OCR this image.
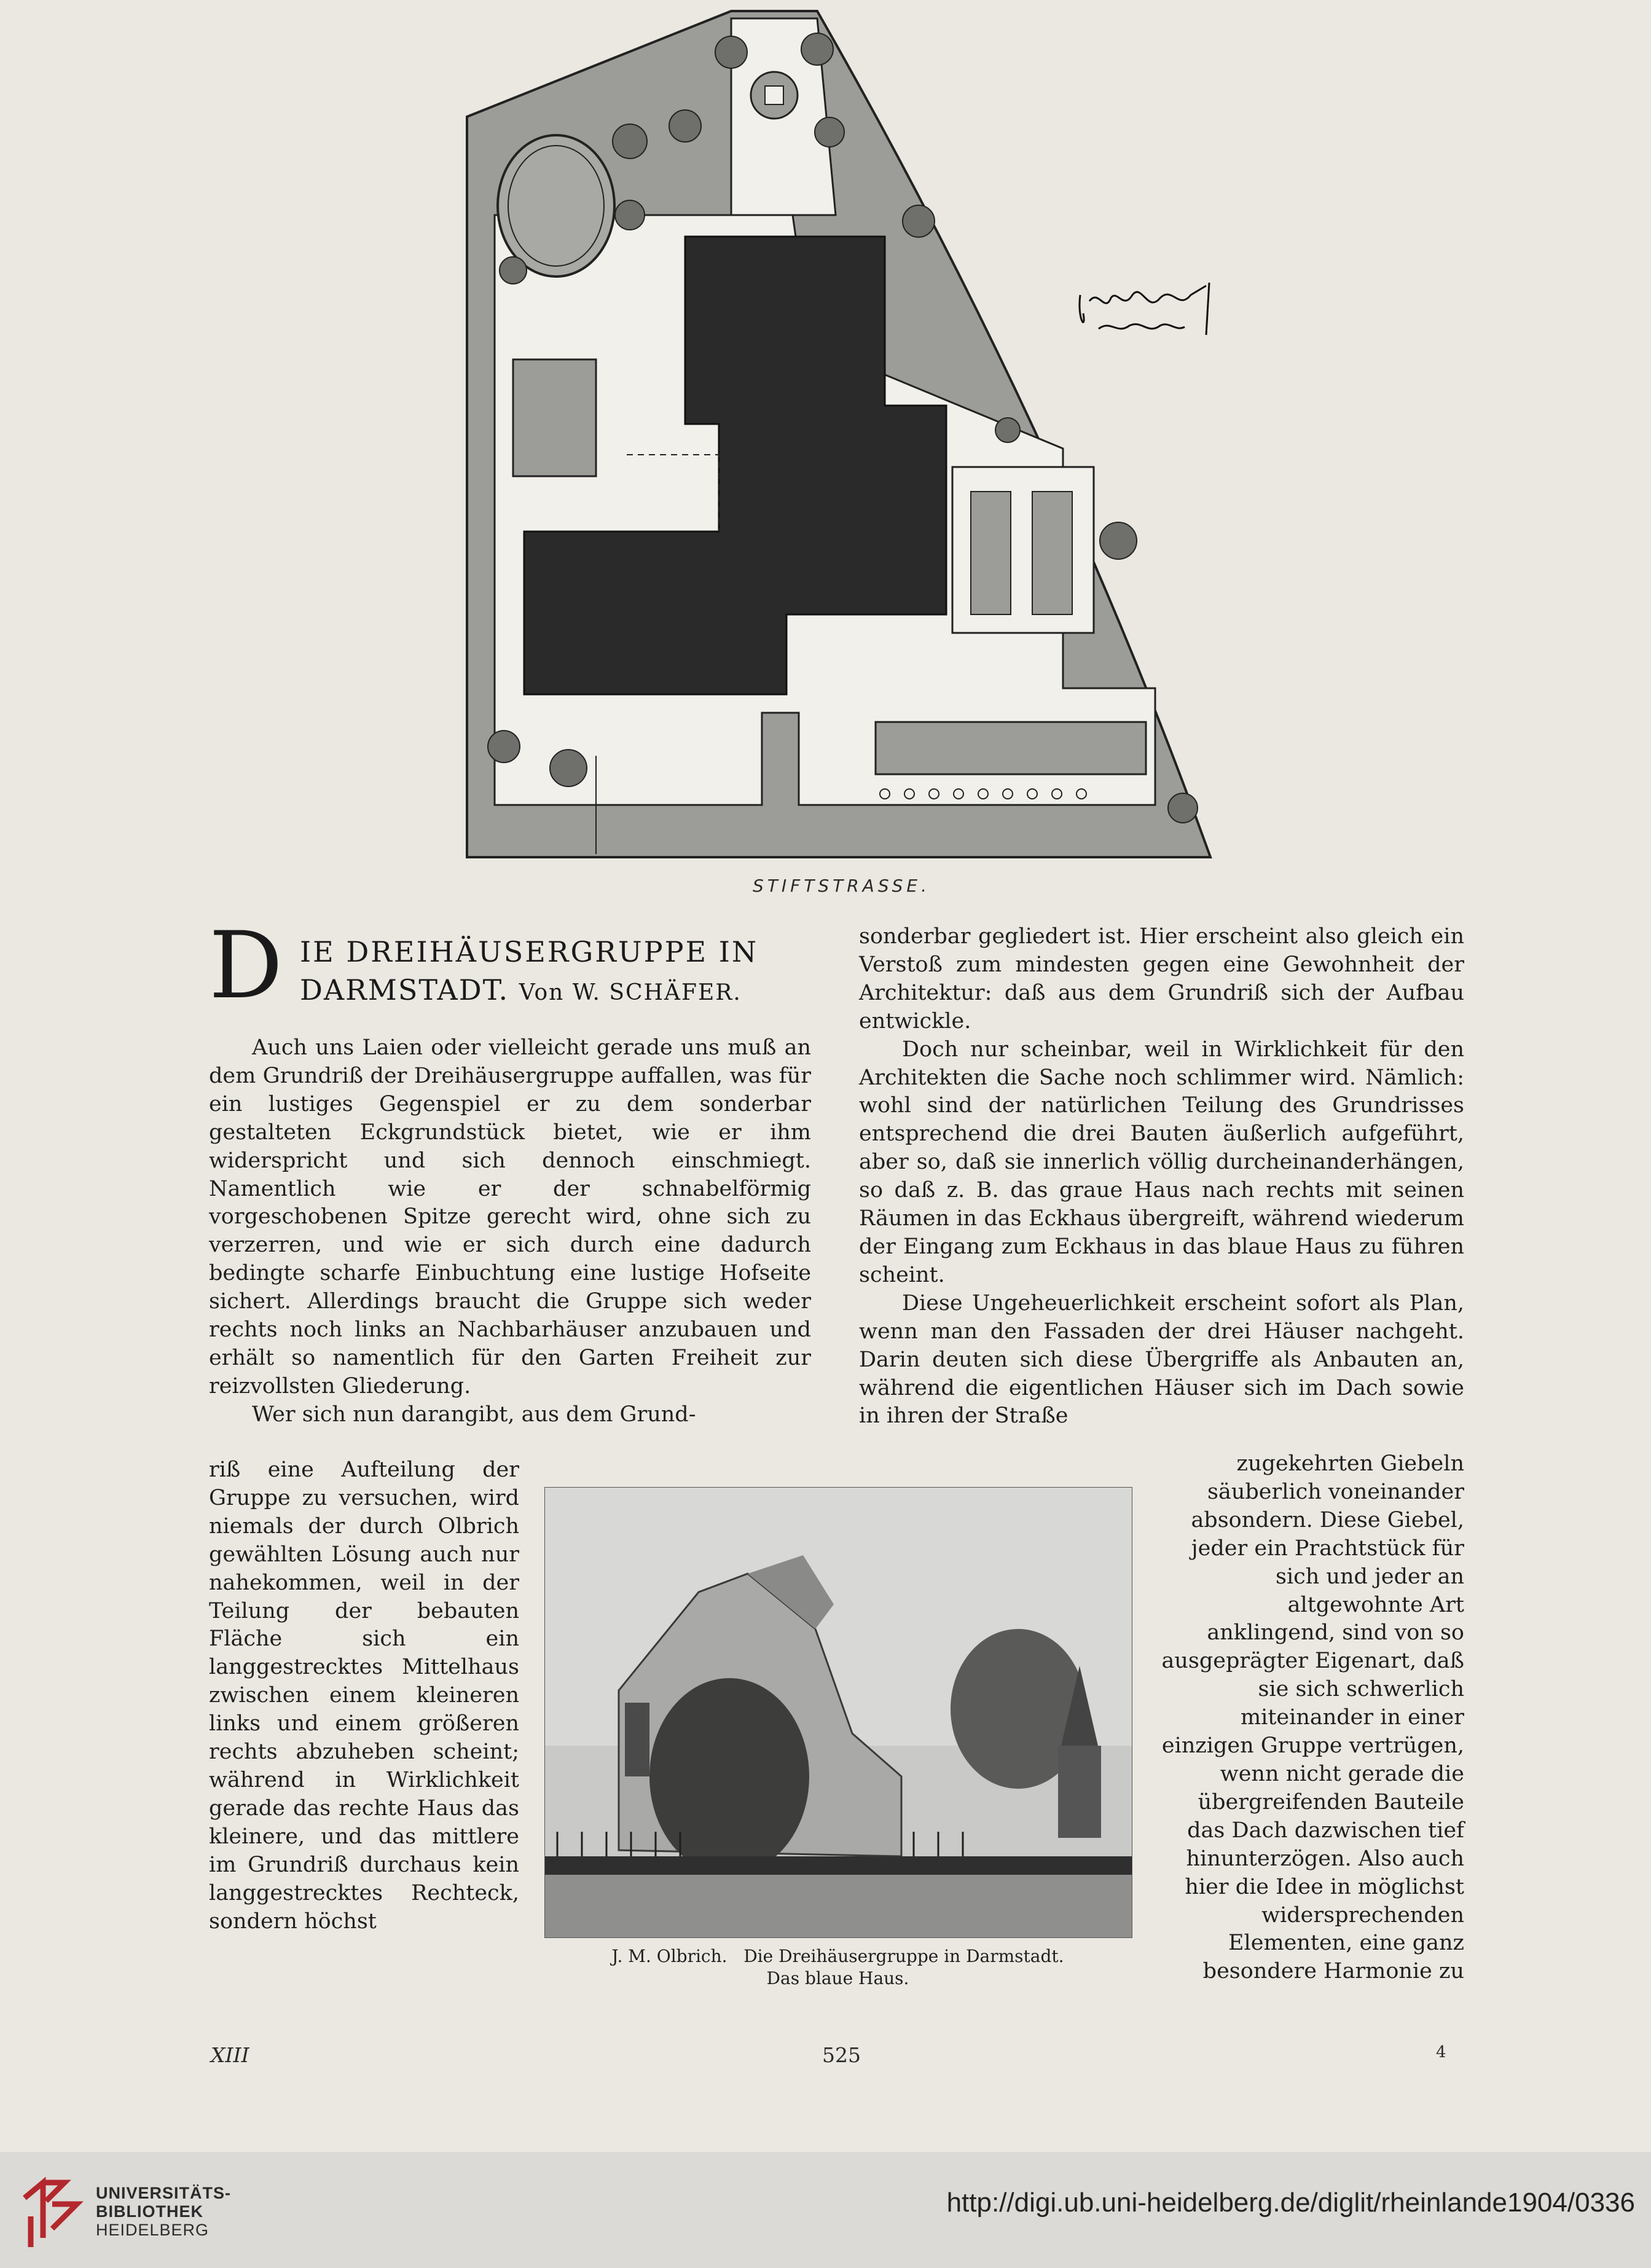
STIFTSTRASSE.
D IE DREIHÄUSERGRUPPE IN
DARMSTADT. Von W. SCHÄFER.

Auch uns Laien oder vielleicht gerade uns muß an dem Grundriß der Dreihäusergruppe auffallen, was für ein lustiges Gegenspiel er zu dem sonderbar gestalteten Eckgrundstück bietet, wie er ihm widerspricht und sich dennoch einschmiegt. Namentlich wie er der schnabelförmig vorgeschobenen Spitze gerecht wird, ohne sich zu verzerren, und wie er sich durch eine dadurch bedingte scharfe Einbuchtung eine lustige Hofseite sichert. Allerdings braucht die Gruppe sich weder rechts noch links an Nachbarhäuser anzubauen und erhält so namentlich für den Garten Freiheit zur reizvollsten Gliederung.

Wer sich nun darangibt, aus dem Grund-

riß eine Aufteilung der Gruppe zu versuchen, wird niemals der durch Olbrich gewählten Lösung auch nur nahekommen, weil in der Teilung der bebauten Fläche sich ein langgestrecktes Mittelhaus zwischen einem kleineren links und einem größeren rechts abzuheben scheint; während in Wirklichkeit gerade das rechte Haus das kleinere, und das mittlere im Grundriß durchaus kein langgestrecktes Rechteck, sondern höchst

sonderbar gegliedert ist. Hier erscheint also gleich ein Verstoß zum mindesten gegen eine Gewohnheit der Architektur: daß aus dem Grundriß sich der Aufbau entwickle.

Doch nur scheinbar, weil in Wirklichkeit für den Architekten die Sache noch schlimmer wird. Nämlich: wohl sind der natürlichen Teilung des Grundrisses entsprechend die drei Bauten äußerlich aufgeführt, aber so, daß sie innerlich völlig durcheinanderhängen, so daß z. B. das graue Haus nach rechts mit seinen Räumen in das Eckhaus übergreift, während wiederum der Eingang zum Eckhaus in das blaue Haus zu führen scheint.

Diese Ungeheuerlichkeit erscheint sofort als Plan, wenn man den Fassaden der drei Häuser nachgeht. Darin deuten sich diese Übergriffe als Anbauten an, während die eigentlichen Häuser sich im Dach sowie in ihren der Straße

zugekehrten Giebeln säuberlich voneinander absondern. Diese Giebel, jeder ein Prachtstück für sich und jeder an altgewohnte Art anklingend, sind von so ausgeprägter Eigenart, daß sie sich schwerlich miteinander in einer einzigen Gruppe vertrügen, wenn nicht gerade die übergreifenden Bauteile das Dach dazwischen tief hinunterzögen. Also auch hier die Idee in möglichst widersprechenden Elementen, eine ganz besondere Harmonie zu

J. M. Olbrich.   Die Dreihäusergruppe in Darmstadt.
Das blaue Haus.
XIII	525	4
UNIVERSITÄTS-
BIBLIOTHEK
HEIDELBERG
http://digi.ub.uni-heidelberg.de/diglit/rheinlande1904/0336
